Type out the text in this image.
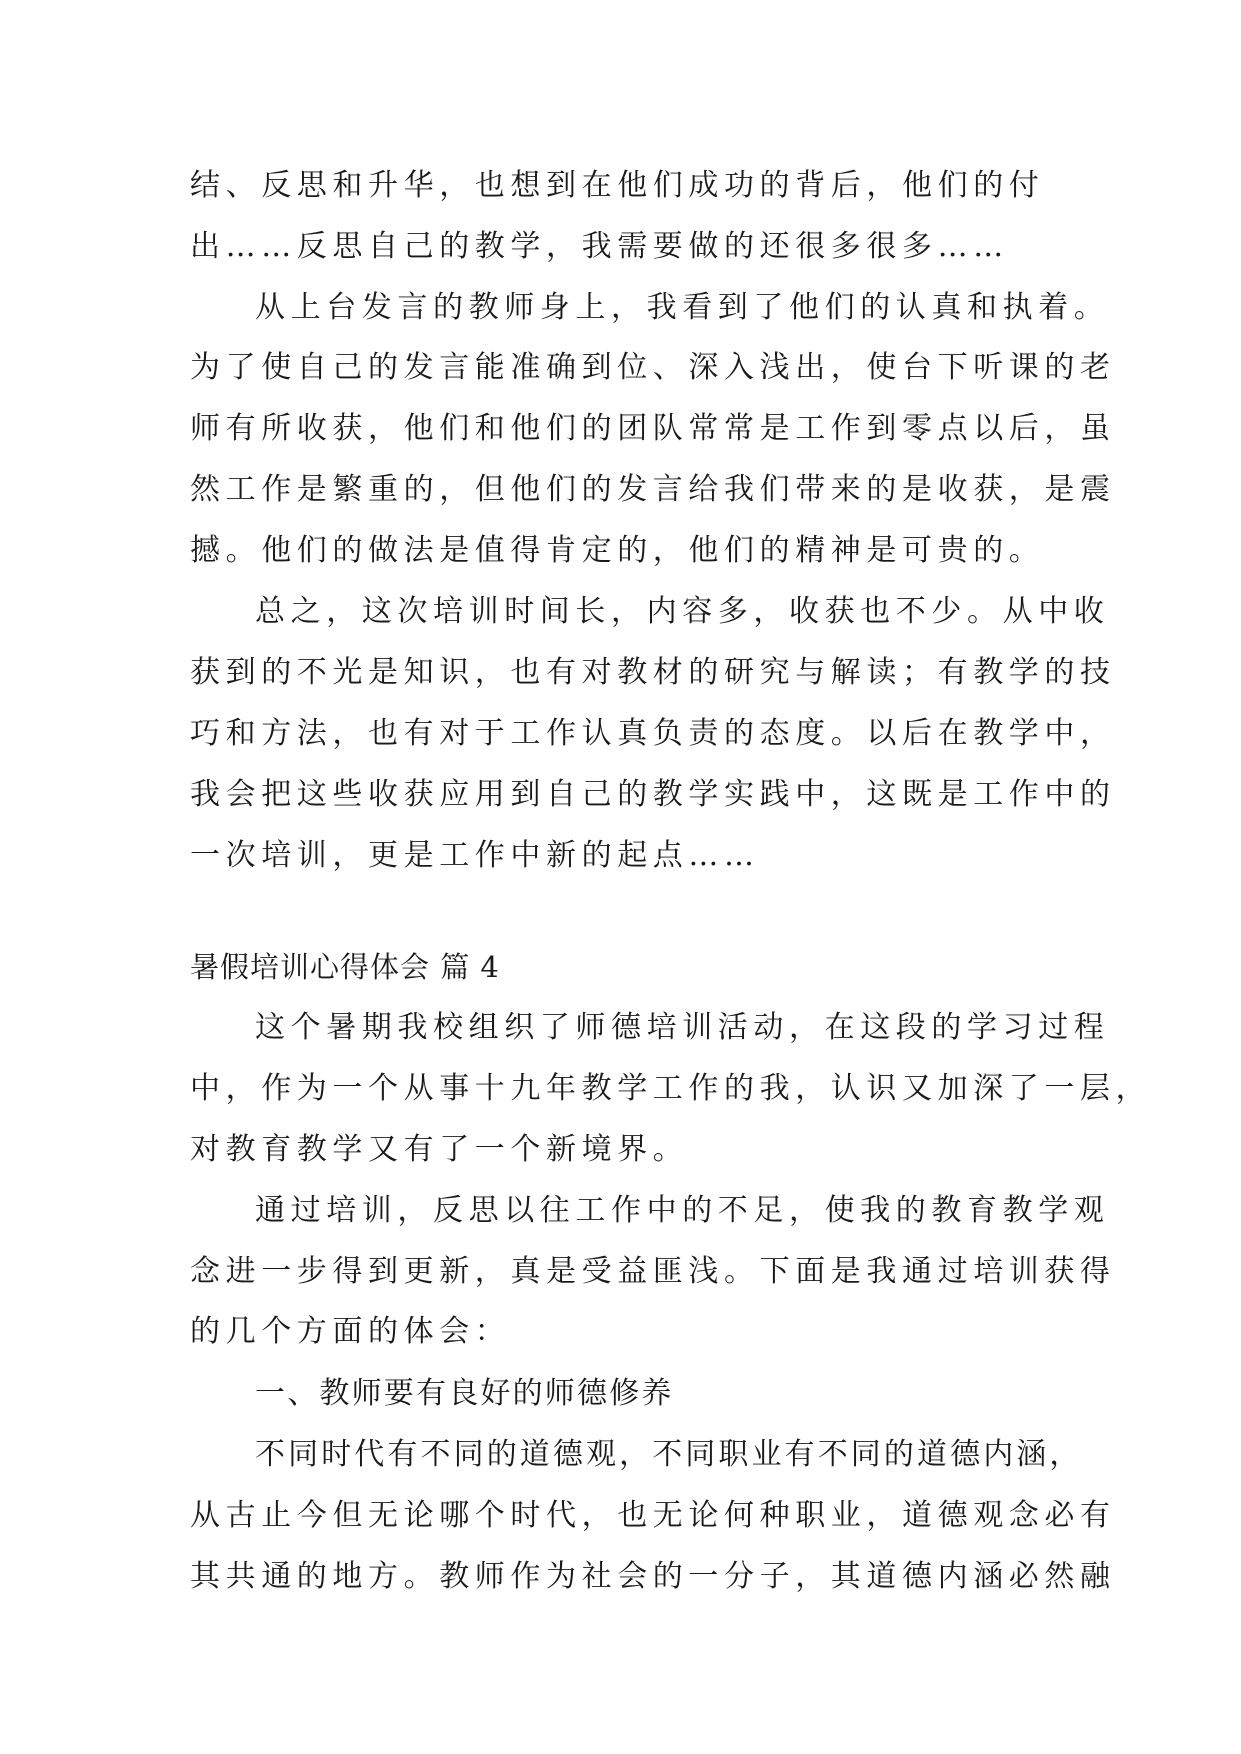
结、反思和升华，也想到在他们成功的背后，他们的付
出……反思自己的教学，我需要做的还很多很多……
从上台发言的教师身上，我看到了他们的认真和执着。
为了使自己的发言能准确到位、深入浅出，使台下听课的老
师有所收获，他们和他们的团队常常是工作到零点以后，虽
然工作是繁重的，但他们的发言给我们带来的是收获，是震
撼。他们的做法是值得肯定的，他们的精神是可贵的。
总之，这次培训时间长，内容多，收获也不少。从中收
获到的不光是知识，也有对教材的研究与解读；有教学的技
巧和方法，也有对于工作认真负责的态度。以后在教学中，
我会把这些收获应用到自己的教学实践中，这既是工作中的
一次培训，更是工作中新的起点……
暑假培训心得体会 篇 4
这个暑期我校组织了师德培训活动，在这段的学习过程
中，作为一个从事十九年教学工作的我，认识又加深了一层，
对教育教学又有了一个新境界。
通过培训，反思以往工作中的不足，使我的教育教学观
念进一步得到更新，真是受益匪浅。下面是我通过培训获得
的几个方面的体会：
一、教师要有良好的师德修养
不同时代有不同的道德观，不同职业有不同的道德内涵，
从古止今但无论哪个时代，也无论何种职业，道德观念必有
其共通的地方。教师作为社会的一分子，其道德内涵必然融
